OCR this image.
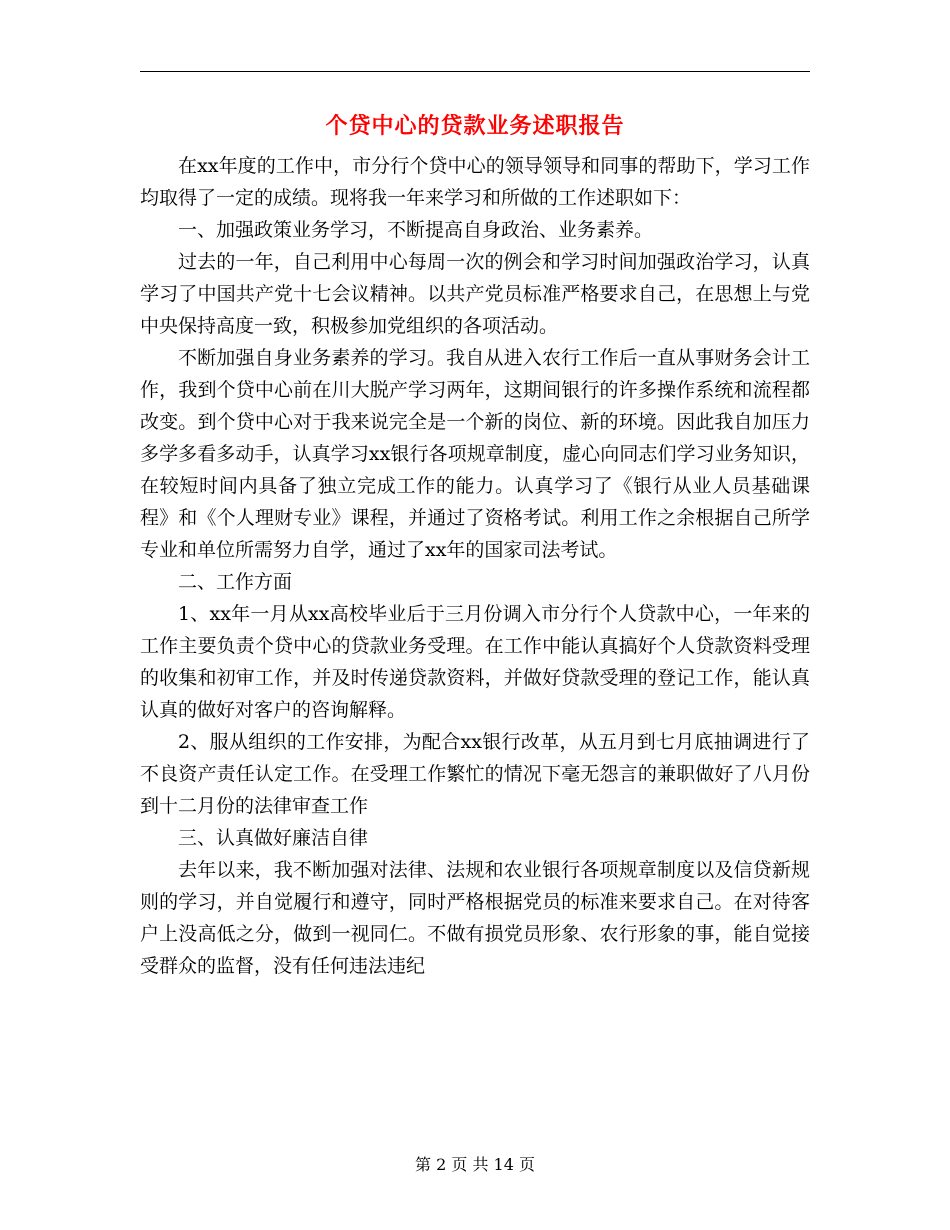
个贷中心的贷款业务述职报告

在xx年度的工作中，市分行个贷中心的领导领导和同事的帮助下，学习工作均取得了一定的成绩。现将我一年来学习和所做的工作述职如下：

一、加强政策业务学习，不断提高自身政治、业务素养。

过去的一年，自己利用中心每周一次的例会和学习时间加强政治学习，认真学习了中国共产党十七会议精神。以共产党员标准严格要求自己，在思想上与党中央保持高度一致，积极参加党组织的各项活动。

不断加强自身业务素养的学习。我自从进入农行工作后一直从事财务会计工作，我到个贷中心前在川大脱产学习两年，这期间银行的许多操作系统和流程都改变。到个贷中心对于我来说完全是一个新的岗位、新的环境。因此我自加压力多学多看多动手，认真学习xx银行各项规章制度，虚心向同志们学习业务知识，在较短时间内具备了独立完成工作的能力。认真学习了《银行从业人员基础课程》和《个人理财专业》课程，并通过了资格考试。利用工作之余根据自己所学专业和单位所需努力自学，通过了xx年的国家司法考试。

二、工作方面

1、xx年一月从xx高校毕业后于三月份调入市分行个人贷款中心，一年来的工作主要负责个贷中心的贷款业务受理。在工作中能认真搞好个人贷款资料受理的收集和初审工作，并及时传递贷款资料，并做好贷款受理的登记工作，能认真认真的做好对客户的咨询解释。

2、服从组织的工作安排，为配合xx银行改革，从五月到七月底抽调进行了不良资产责任认定工作。在受理工作繁忙的情况下毫无怨言的兼职做好了八月份到十二月份的法律审查工作

三、认真做好廉洁自律

去年以来，我不断加强对法律、法规和农业银行各项规章制度以及信贷新规则的学习，并自觉履行和遵守，同时严格根据党员的标准来要求自己。在对待客户上没高低之分，做到一视同仁。不做有损党员形象、农行形象的事，能自觉接受群众的监督，没有任何违法违纪

第 2 页 共 14 页
